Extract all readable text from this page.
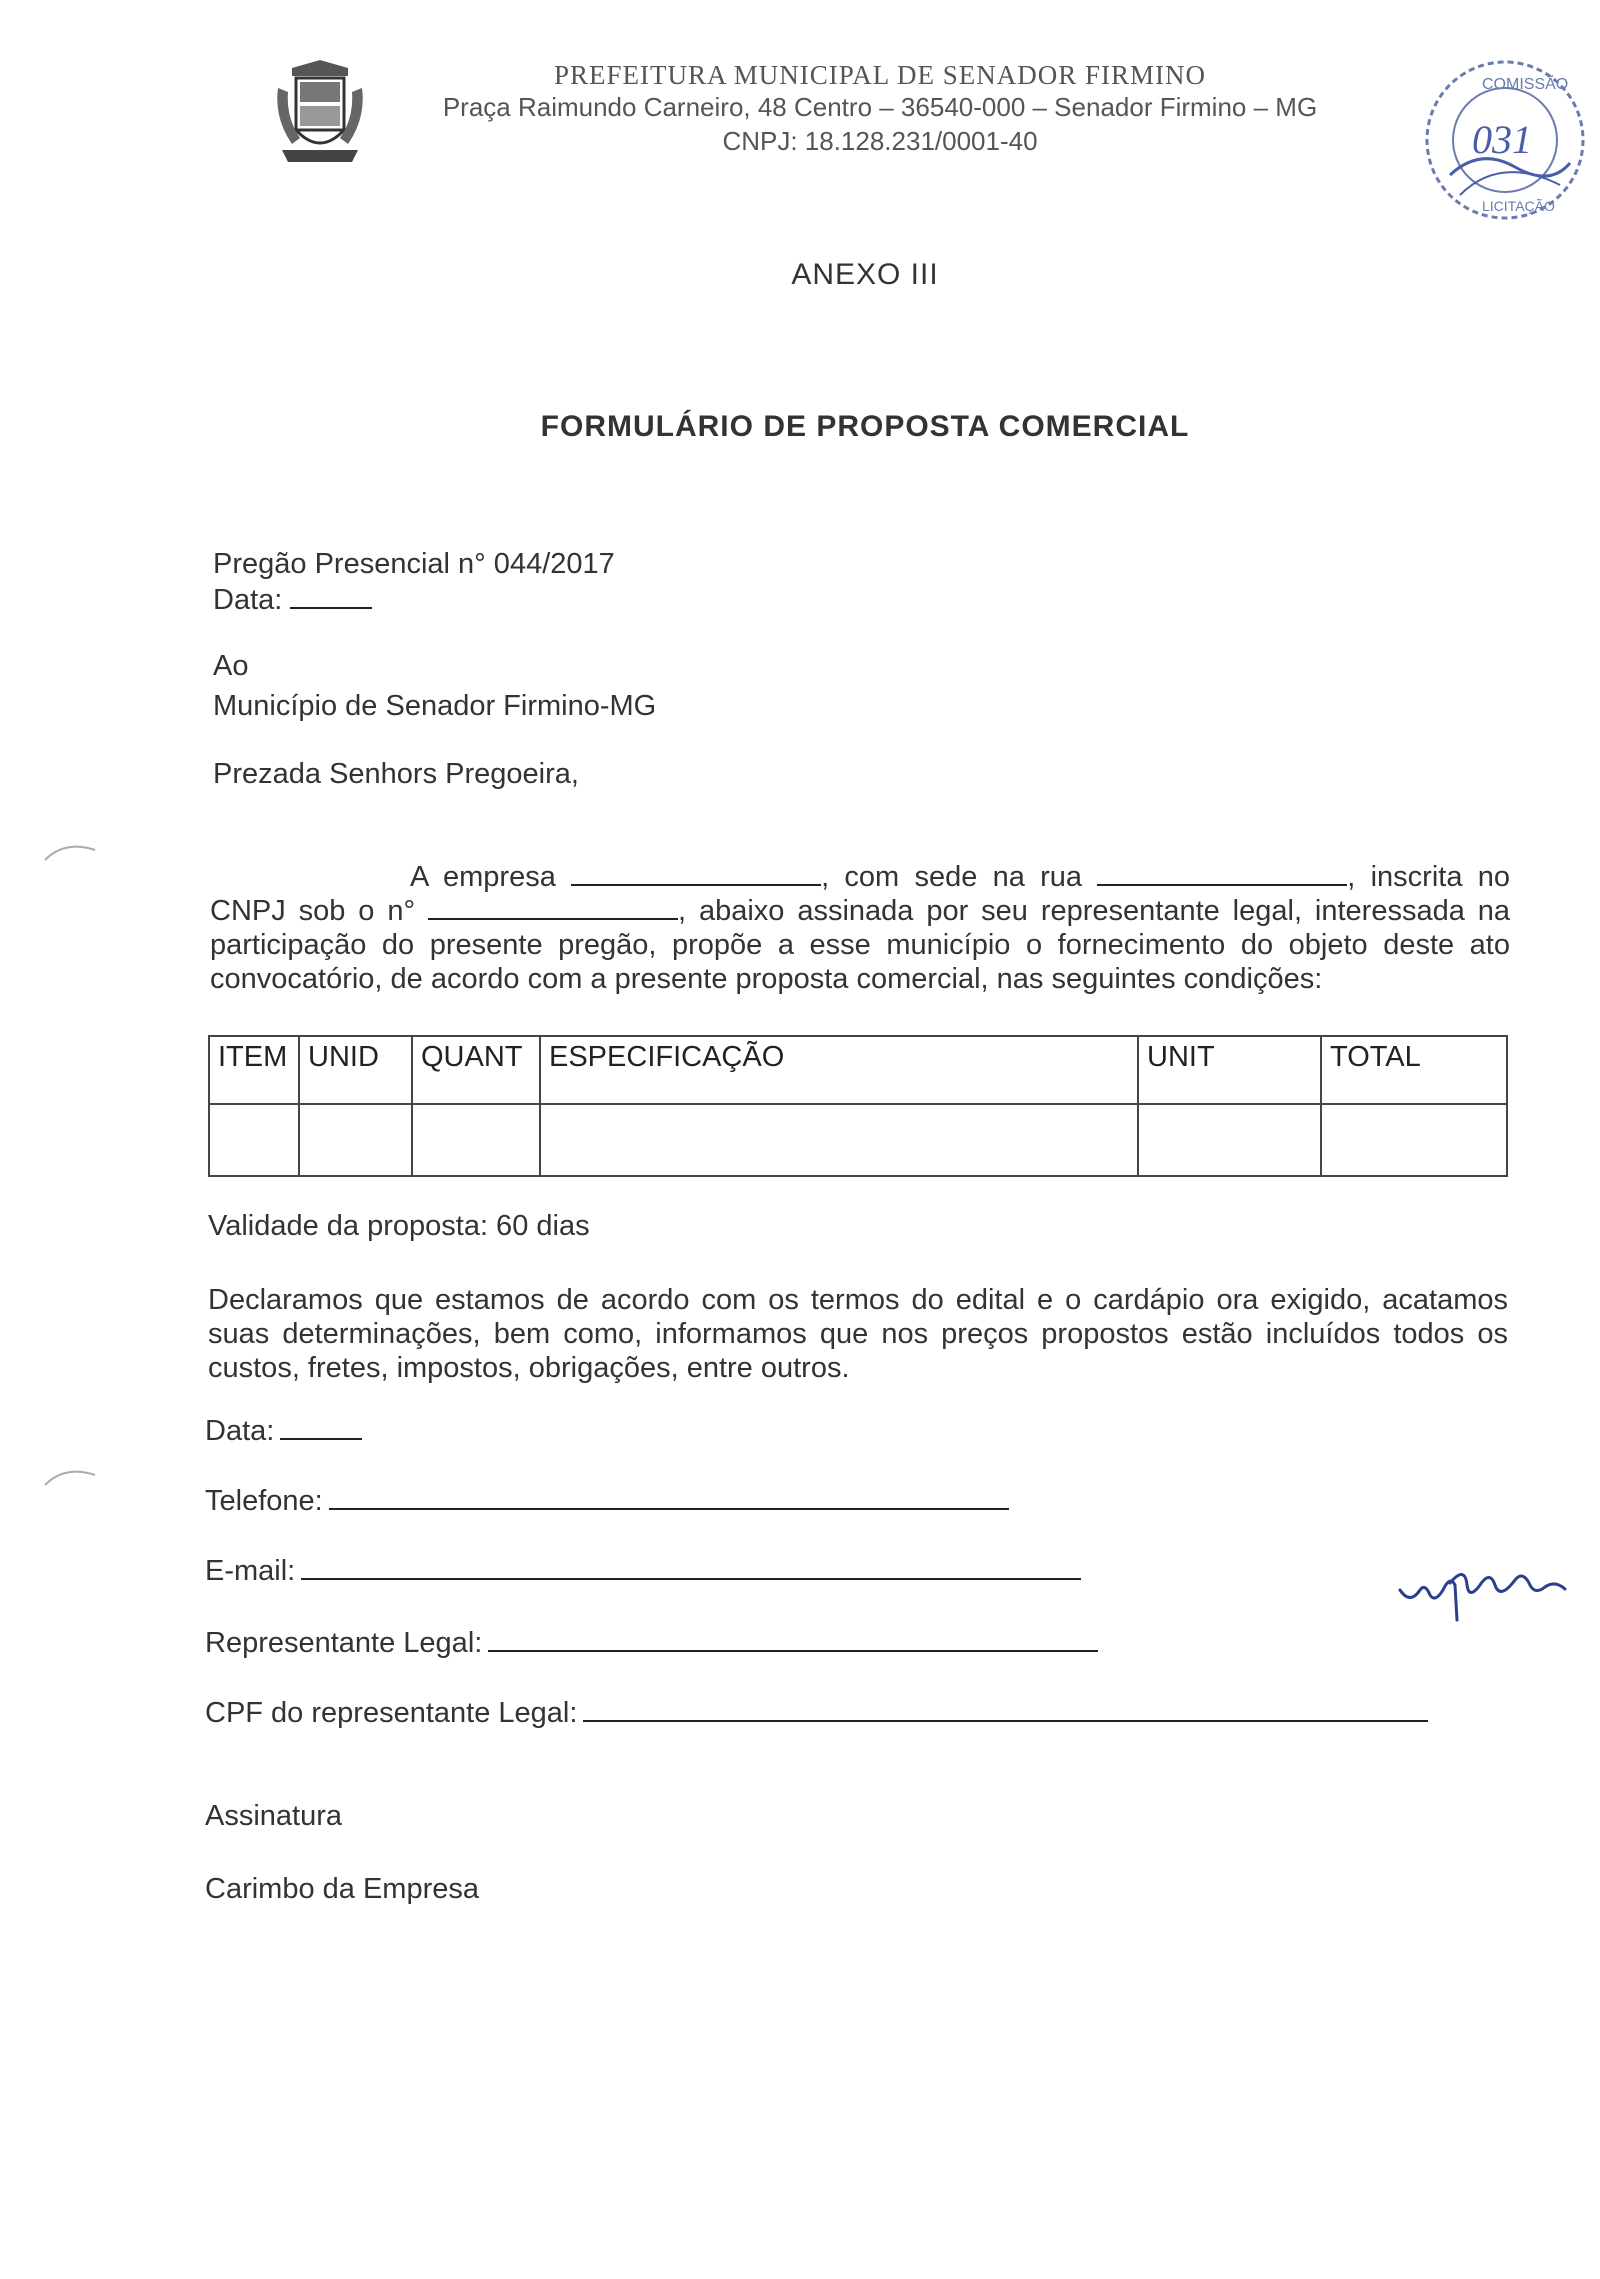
PREFEITURA MUNICIPAL DE SENADOR FIRMINO
Praça Raimundo Carneiro, 48 Centro – 36540-000 – Senador Firmino – MG
CNPJ: 18.128.231/0001-40
COMISSÃO
031
LICITAÇÃO
ANEXO III
FORMULÁRIO DE PROPOSTA COMERCIAL
Pregão Presencial n° 044/2017
Data:
Ao
Município de Senador Firmino-MG
Prezada Senhors Pregoeira,
A empresa	, com sede na rua	, inscrita no CNPJ sob o n°	, abaixo assinada por seu representante legal, interessada na participação do presente pregão, propõe a esse município o fornecimento do objeto deste ato convocatório, de acordo com a presente proposta comercial, nas seguintes condições:
ITEM	UNID	QUANT	ESPECIFICAÇÃO	UNIT	TOTAL

Validade da proposta: 60 dias
Declaramos que estamos de acordo com os termos do edital e o cardápio ora exigido, acatamos suas determinações, bem como, informamos que nos preços propostos estão incluídos todos os custos, fretes, impostos, obrigações, entre outros.
Data:
Telefone:
E-mail:
Representante Legal:
CPF do representante Legal:
Assinatura
Carimbo da Empresa
